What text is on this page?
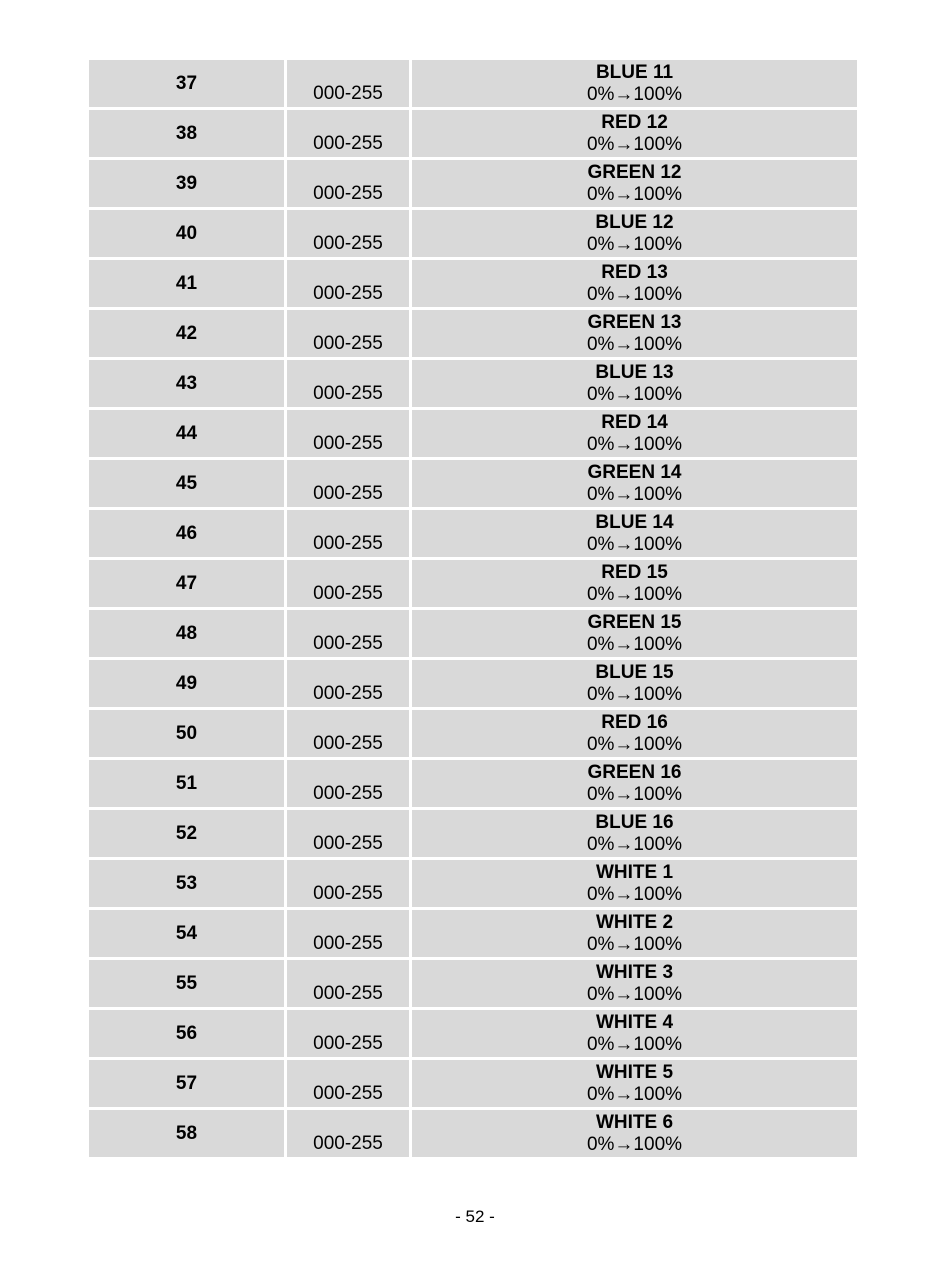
37	000-255	BLUE 11
0%→100%

38	000-255	RED 12
0%→100%

39	000-255	GREEN 12
0%→100%

40	000-255	BLUE 12
0%→100%

41	000-255	RED 13
0%→100%

42	000-255	GREEN 13
0%→100%

43	000-255	BLUE 13
0%→100%

44	000-255	RED 14
0%→100%

45	000-255	GREEN 14
0%→100%

46	000-255	BLUE 14
0%→100%

47	000-255	RED 15
0%→100%

48	000-255	GREEN 15
0%→100%

49	000-255	BLUE 15
0%→100%

50	000-255	RED 16
0%→100%

51	000-255	GREEN 16
0%→100%

52	000-255	BLUE 16
0%→100%

53	000-255	WHITE 1
0%→100%

54	000-255	WHITE 2
0%→100%

55	000-255	WHITE 3
0%→100%

56	000-255	WHITE 4
0%→100%

57	000-255	WHITE 5
0%→100%

58	000-255	WHITE 6
0%→100%
- 52 -
